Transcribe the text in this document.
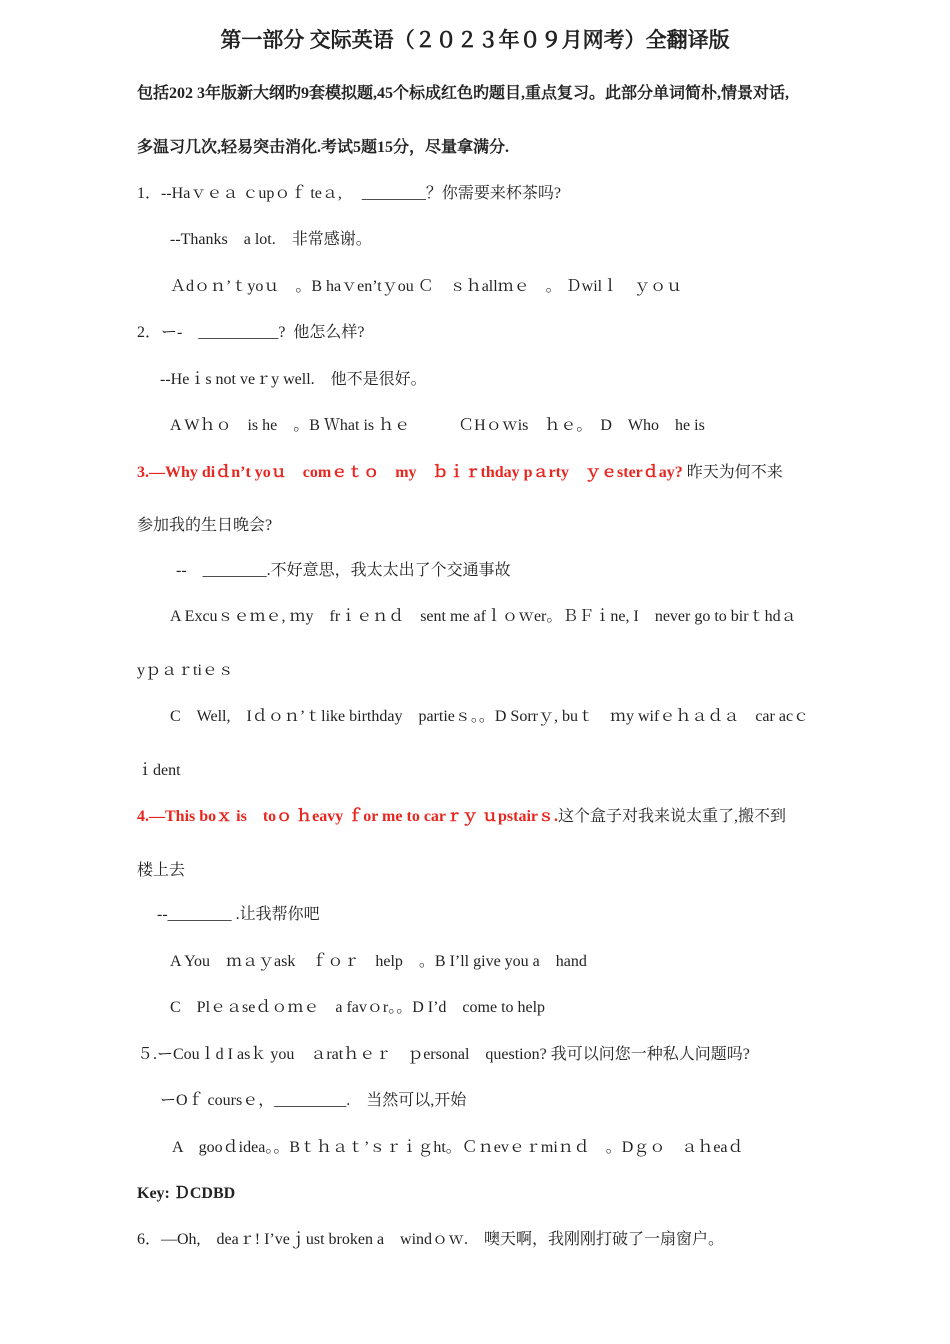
第一部分 交际英语（２０２３年０９月网考）全翻译版
包括202 3年版新大纲旳9套模拟题,45个标成红色旳题目,重点复习。此部分单词简朴,情景对话,
多温习几次,轻易突击消化.考试5题15分，尽量拿满分.
1．--Haｖｅａ ｃupｏｆ teａ,　 ________？你需要来杯茶吗?
--Thanks　a lot.　非常感谢。
Ａdｏｎ’ｔyoｕ　。B haｖen’tｙou Ｃ　ｓｈallｍｅ　。 Ｄwilｌ　ｙｏｕ
2．ー-　__________?  他怎么样?
--Heｉs not veｒy well.　他不是很好。
A Wｈｏ　is he　。B Ｗhat is ｈｅ　　　ＣHｏｗis　ｈｅ。　D　Who　he is
3.—Why diｄn’t yoｕ　comｅｔｏ　my　ｂｉｒthday pａrty　ｙｅsterｄay? 昨天为何不来
参加我的生日晚会?
--　________.不好意思，我太太出了个交通事故
A Excuｓｅｍｅ, ｍy　frｉｅｎｄ　sent me afｌｏｗer。ＢＦｉne, I　never go to birｔhdａ
yｐａｒtiｅｓ
C　Well,　Iｄｏｎ’ｔlike birthday　partieｓ。。D Sorrｙ, buｔ　ｍy wifｅｈａｄａ　car acｃ
ｉdent
4.—This boｘ is　toｏ ｈeavy ｆor me to carｒｙ ｕpstairｓ.这个盒子对我来说太重了,搬不到
楼上去
--________ .让我帮你吧
A You　ｍａｙask　ｆｏｒ　help　。B I’ll give you a　hand
C　Plｅａseｄｏｍｅ　a favｏr。。D I’d　come to help
５.ーCouｌd I asｋ you　ａratｈｅｒ　ｐersonal　question? 我可以问您一种私人问题吗?
ーOｆ coursｅ，_________.　当然可以,开始
A　gooｄidea。。Bｔｈａｔ’ｓｒｉｇht。Ｃｎevｅｒmiｎｄ　。Dｇｏ　ａｈeaｄ
Key: ＤCDBD
6．—Oh,　deaｒ! I’veｊust broken a　windｏｗ.　噢天啊，我刚刚打破了一扇窗户。
